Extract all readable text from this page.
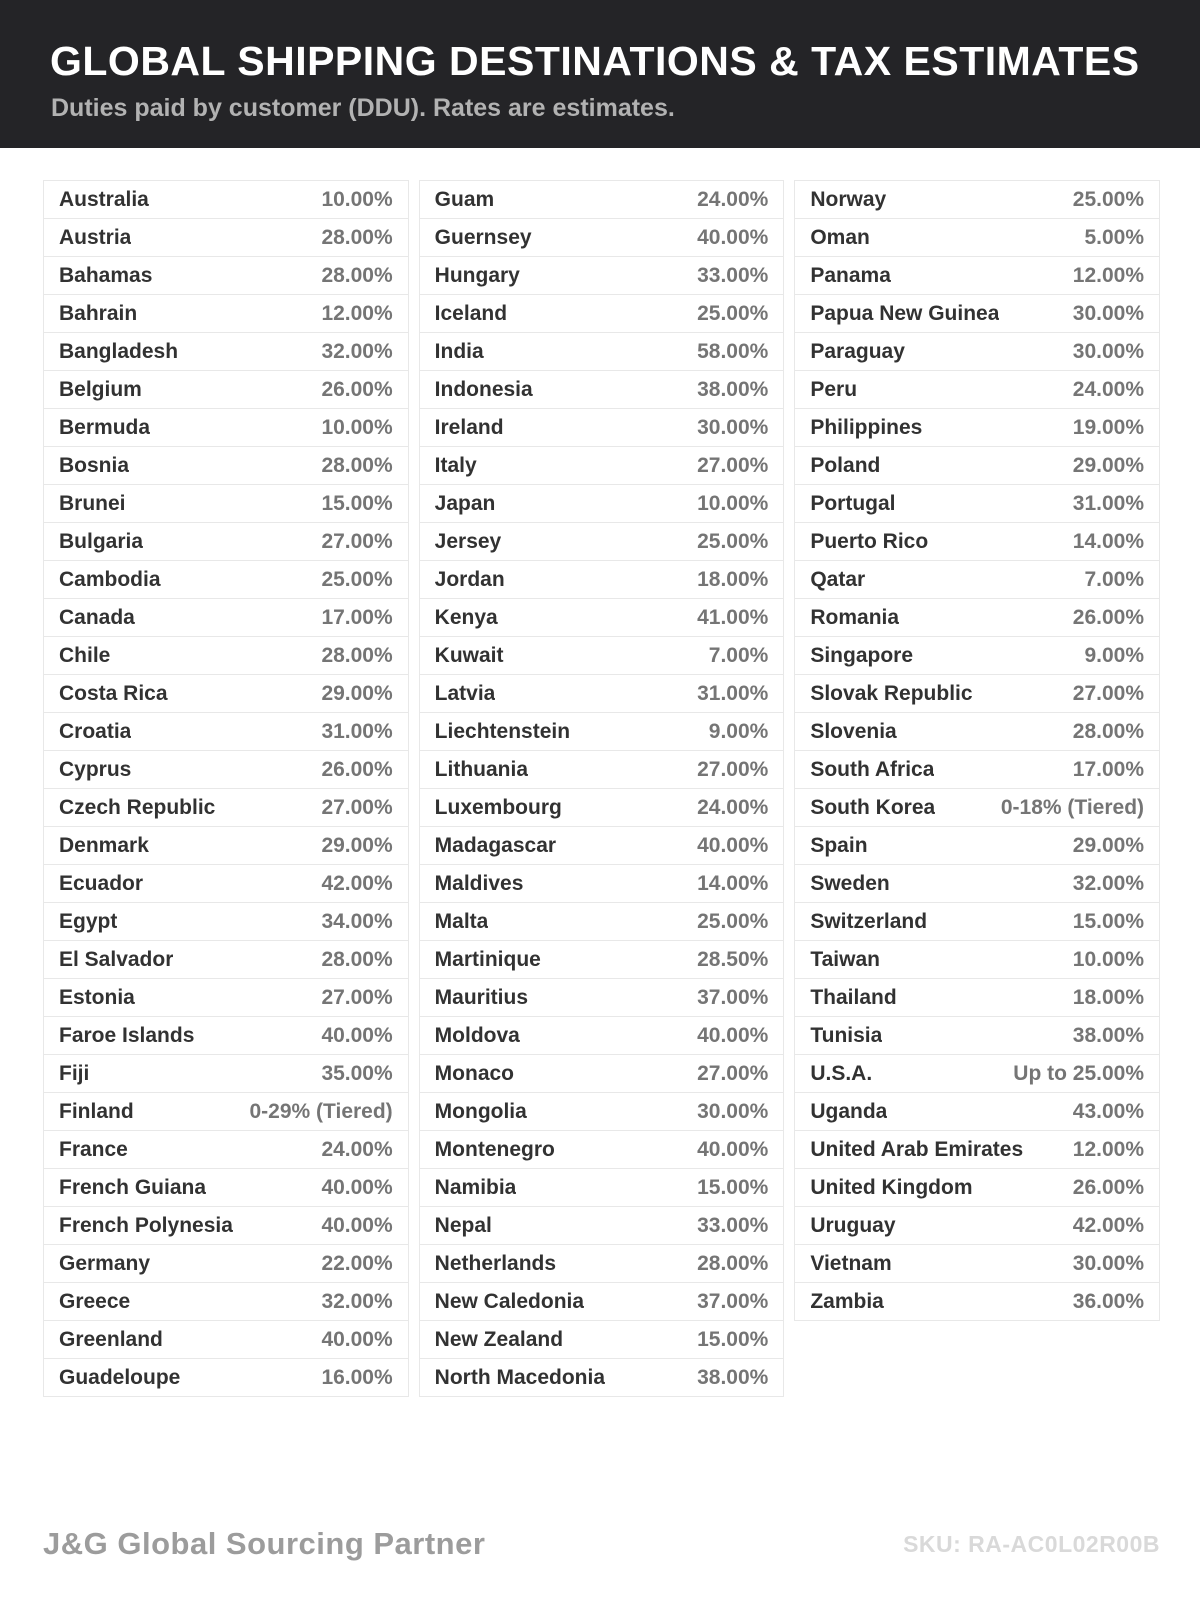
GLOBAL SHIPPING DESTINATIONS & TAX ESTIMATES

Duties paid by customer (DDU). Rates are estimates.

Australia	10.00%
Austria	28.00%
Bahamas	28.00%
Bahrain	12.00%
Bangladesh	32.00%
Belgium	26.00%
Bermuda	10.00%
Bosnia	28.00%
Brunei	15.00%
Bulgaria	27.00%
Cambodia	25.00%
Canada	17.00%
Chile	28.00%
Costa Rica	29.00%
Croatia	31.00%
Cyprus	26.00%
Czech Republic	27.00%
Denmark	29.00%
Ecuador	42.00%
Egypt	34.00%
El Salvador	28.00%
Estonia	27.00%
Faroe Islands	40.00%
Fiji	35.00%
Finland	0-29% (Tiered)
France	24.00%
French Guiana	40.00%
French Polynesia	40.00%
Germany	22.00%
Greece	32.00%
Greenland	40.00%
Guadeloupe	16.00%
Guam	24.00%
Guernsey	40.00%
Hungary	33.00%
Iceland	25.00%
India	58.00%
Indonesia	38.00%
Ireland	30.00%
Italy	27.00%
Japan	10.00%
Jersey	25.00%
Jordan	18.00%
Kenya	41.00%
Kuwait	7.00%
Latvia	31.00%
Liechtenstein	9.00%
Lithuania	27.00%
Luxembourg	24.00%
Madagascar	40.00%
Maldives	14.00%
Malta	25.00%
Martinique	28.50%
Mauritius	37.00%
Moldova	40.00%
Monaco	27.00%
Mongolia	30.00%
Montenegro	40.00%
Namibia	15.00%
Nepal	33.00%
Netherlands	28.00%
New Caledonia	37.00%
New Zealand	15.00%
North Macedonia	38.00%
Norway	25.00%
Oman	5.00%
Panama	12.00%
Papua New Guinea	30.00%
Paraguay	30.00%
Peru	24.00%
Philippines	19.00%
Poland	29.00%
Portugal	31.00%
Puerto Rico	14.00%
Qatar	7.00%
Romania	26.00%
Singapore	9.00%
Slovak Republic	27.00%
Slovenia	28.00%
South Africa	17.00%
South Korea	0-18% (Tiered)
Spain	29.00%
Sweden	32.00%
Switzerland	15.00%
Taiwan	10.00%
Thailand	18.00%
Tunisia	38.00%
U.S.A.	Up to 25.00%
Uganda	43.00%
United Arab Emirates 12.00%
United Kingdom	26.00%
Uruguay	42.00%
Vietnam	30.00%
Zambia	36.00%
J&G Global Sourcing Partner	SKU: RA-AC0L02R00B
